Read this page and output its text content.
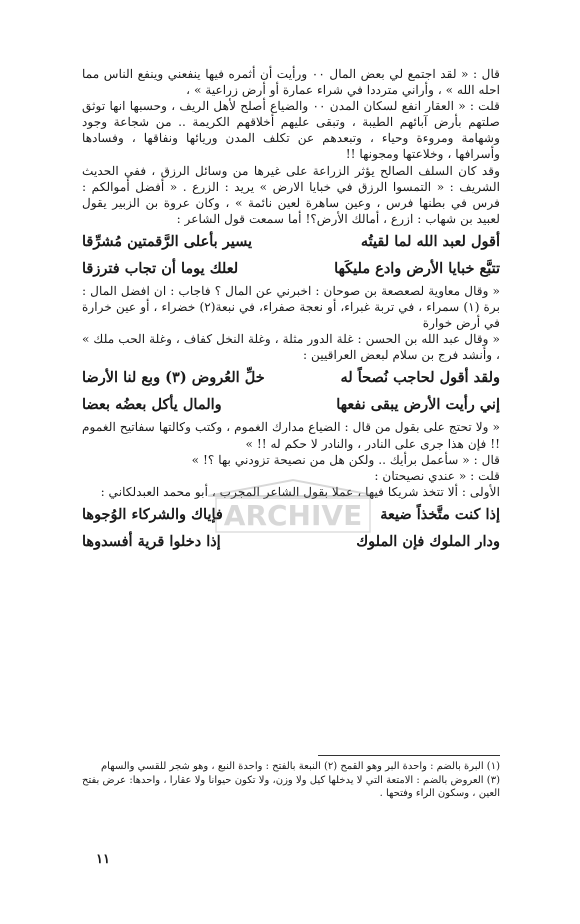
قال : « لقد اجتمع لي بعض المال ٠٠ ورأيت أن أثمره فيها ينفعني وينفع الناس مما احله الله » ، وأراني مترددا في شراء عمارة أو أرض زراعية » ،

قلت : « العقار انفع لسكان المدن ٠٠ والضياع أصلح لأهل الريف ، وحسبها انها توثق صلتهم بأرض آبائهم الطيبة ، وتبقى عليهم أخلاقهم الكريمة .. من شجاعة وجود وشهامة ومروءة وحياء ، وتبعدهم عن تكلف المدن وريائها ونفاقها ، وفسادها وأسرافها ، وخلاعتها ومجونها !!

وقد كان السلف الصالح يؤثر الزراعة على غيرها من وسائل الرزق ، ففي الحديث الشريف : « التمسوا الرزق في خبايا الارض » يريد : الزرع . « أفضل أموالكم : فرس في بطنها فرس ، وعين ساهرة لعين نائمة » ، وكان عروة بن الزبير يقول لعبيد بن شهاب : ازرع ، أمالك الأرض؟! أما سمعت قول الشاعر :

أقول لعبد الله لما لقيتُه
يسير بأعلى الرَّقمتين مُشرِّقا
تتبَّع خبايا الأرض وادع مليكَها
لعلك يوما أن تجاب فترزقا

« وقال معاوية لصعصعة بن صوحان : اخبرني عن المال ؟ فاجاب : ان افضل المال : برة (١) سمراء ، في تربة غبراء، أو نعجة صفراء، في نبعة(٢) خضراء ، أو عين خرارة في أرض خوارة

« وقال عبد الله بن الحسن : غلة الدور مثلة ، وغلة النخل كفاف ، وغلة الحب ملك » ، وأنشد فرج بن سلام لبعض العراقيين :

ولقد أقول لحاجب نُصحاً له
خلِّ العُروض (٣) وبع لنا الأرضا
إني رأيت الأرض يبقى نفعها
والمال يأكل بعضُه بعضا

« ولا تحتج على بقول من قال : الضياع مدارك الغموم ، وكتب وكالتها سفاتيح الغموم !! فإن هذا جرى على النادر ، والنادر لا حكم له !! »

قال : « سأعمل برأيك .. ولكن هل من نصيحة تزودني بها ؟! »

قلت : « عندي نصيحتان :

الأولى : ألا تتخذ شريكا فيها ، عملا بقول الشاعر المجرب ، أبو محمد العبدلكاني :

إذا كنت متَّخذاً ضيعة
فإياك والشركاء الوُجوها
ودار الملوك فإن الملوك
إذا دخلوا قرية أفسدوها
ARCHIVE

(١) البرة بالضم : واحدة البر وهو القمح (٢) النبعة بالفتح : واحدة النبع ، وهو شجر للقسي والسهام

(٣) العروض بالضم : الامتعة التي لا يدخلها كيل ولا وزن، ولا تكون حيوانا ولا عقارا ، واحدها: عرض بفتح العين ، وسكون الراء وفتحها .

١١
